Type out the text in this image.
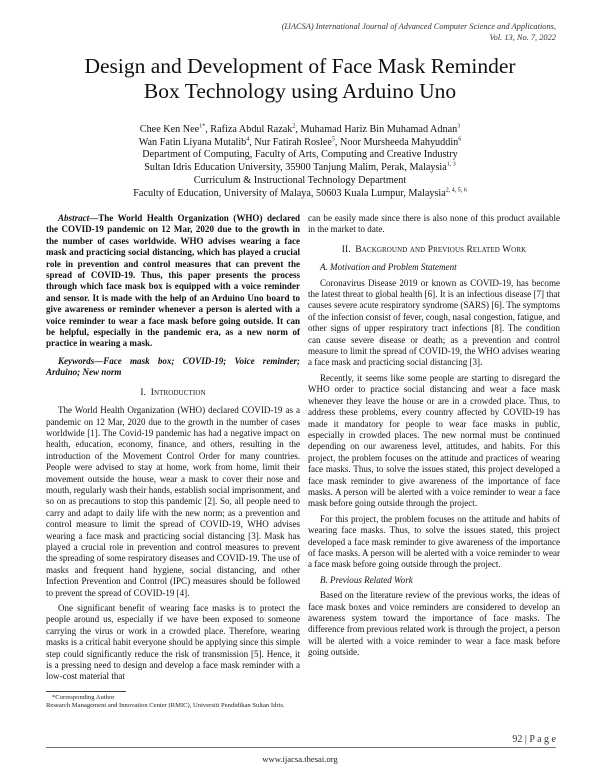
(IJACSA) International Journal of Advanced Computer Science and Applications,
Vol. 13, No. 7, 2022
Design and Development of Face Mask Reminder
Box Technology using Arduino Uno
Chee Ken Nee$^{1*}$, Rafiza Abdul Razak$^2$, Muhamad Hariz Bin Muhamad Adnan$^3$
Wan Fatin Liyana Mutalib$^4$, Nur Fatirah Roslee$^5$, Noor Mursheeda Mahyuddin$^6$
Department of Computing, Faculty of Arts, Computing and Creative Industry
Sultan Idris Education University, 35900 Tanjung Malim, Perak, Malaysia$^{1, 3}$
Curriculum & Instructional Technology Department
Faculty of Education, University of Malaya, 50603 Kuala Lumpur, Malaysia$^{2, 4, 5, 6}$

Abstract—The World Health Organization (WHO) declared the COVID-19 pandemic on 12 Mar, 2020 due to the growth in the number of cases worldwide. WHO advises wearing a face mask and practicing social distancing, which has played a crucial role in prevention and control measures that can prevent the spread of COVID-19. Thus, this paper presents the process through which face mask box is equipped with a voice reminder and sensor. It is made with the help of an Arduino Uno board to give awareness or reminder whenever a person is alerted with a voice reminder to wear a face mask before going outside. It can be helpful, especially in the pandemic era, as a new norm of practice in wearing a mask.

Keywords—Face mask box; COVID-19; Voice reminder; Arduino; New norm

I. Introduction

The World Health Organization (WHO) declared COVID-19 as a pandemic on 12 Mar, 2020 due to the growth in the number of cases worldwide [1]. The Covid-19 pandemic has had a negative impact on health, education, economy, finance, and others, resulting in the introduction of the Movement Control Order for many countries. People were advised to stay at home, work from home, limit their movement outside the house, wear a mask to cover their nose and mouth, regularly wash their hands, establish social imprisonment, and so on as precautions to stop this pandemic [2]. So, all people need to carry and adapt to daily life with the new norm; as a prevention and control measure to limit the spread of COVID-19, WHO advises wearing a face mask and practicing social distancing [3]. Mask has played a crucial role in prevention and control measures to prevent the spreading of some respiratory diseases and COVID-19. The use of masks and frequent hand hygiene, social distancing, and other Infection Prevention and Control (IPC) measures should be followed to prevent the spread of COVID-19 [4].

One significant benefit of wearing face masks is to protect the people around us, especially if we have been exposed to someone carrying the virus or work in a crowded place. Therefore, wearing masks is a critical habit everyone should be applying since this simple step could significantly reduce the risk of transmission [5]. Hence, it is a pressing need to design and develop a face mask reminder with a low-cost material that

can be easily made since there is also none of this product available in the market to date.

II. Background and Previous Related Work

A. Motivation and Problem Statement

Coronavirus Disease 2019 or known as COVID-19, has become the latest threat to global health [6]. It is an infectious disease [7] that causes severe acute respiratory syndrome (SARS) [6]. The symptoms of the infection consist of fever, cough, nasal congestion, fatigue, and other signs of upper respiratory tract infections [8]. The condition can cause severe disease or death; as a prevention and control measure to limit the spread of COVID-19, the WHO advises wearing a face mask and practicing social distancing [3].

Recently, it seems like some people are starting to disregard the WHO order to practice social distancing and wear a face mask whenever they leave the house or are in a crowded place. Thus, to address these problems, every country affected by COVID-19 has made it mandatory for people to wear face masks in public, especially in crowded places. The new normal must be continued depending on our awareness level, attitudes, and habits. For this project, the problem focuses on the attitude and practices of wearing face masks. Thus, to solve the issues stated, this project developed a face mask reminder to give awareness of the importance of face masks. A person will be alerted with a voice reminder to wear a face mask before going outside through the project.

For this project, the problem focuses on the attitude and habits of wearing face masks. Thus, to solve the issues stated, this project developed a face mask reminder to give awareness of the importance of face masks. A person will be alerted with a voice reminder to wear a face mask before going outside through the project.

B. Previous Related Work

Based on the literature review of the previous works, the ideas of face mask boxes and voice reminders are considered to develop an awareness system toward the importance of face masks. The difference from previous related work is through the project, a person will be alerted with a voice reminder to wear a face mask before going outside.

*Corresponding Author
Research Management and Innovation Center (RMIC), Universiti Pendidikan Sultan Idris.
92 | P a g e
www.ijacsa.thesai.org
